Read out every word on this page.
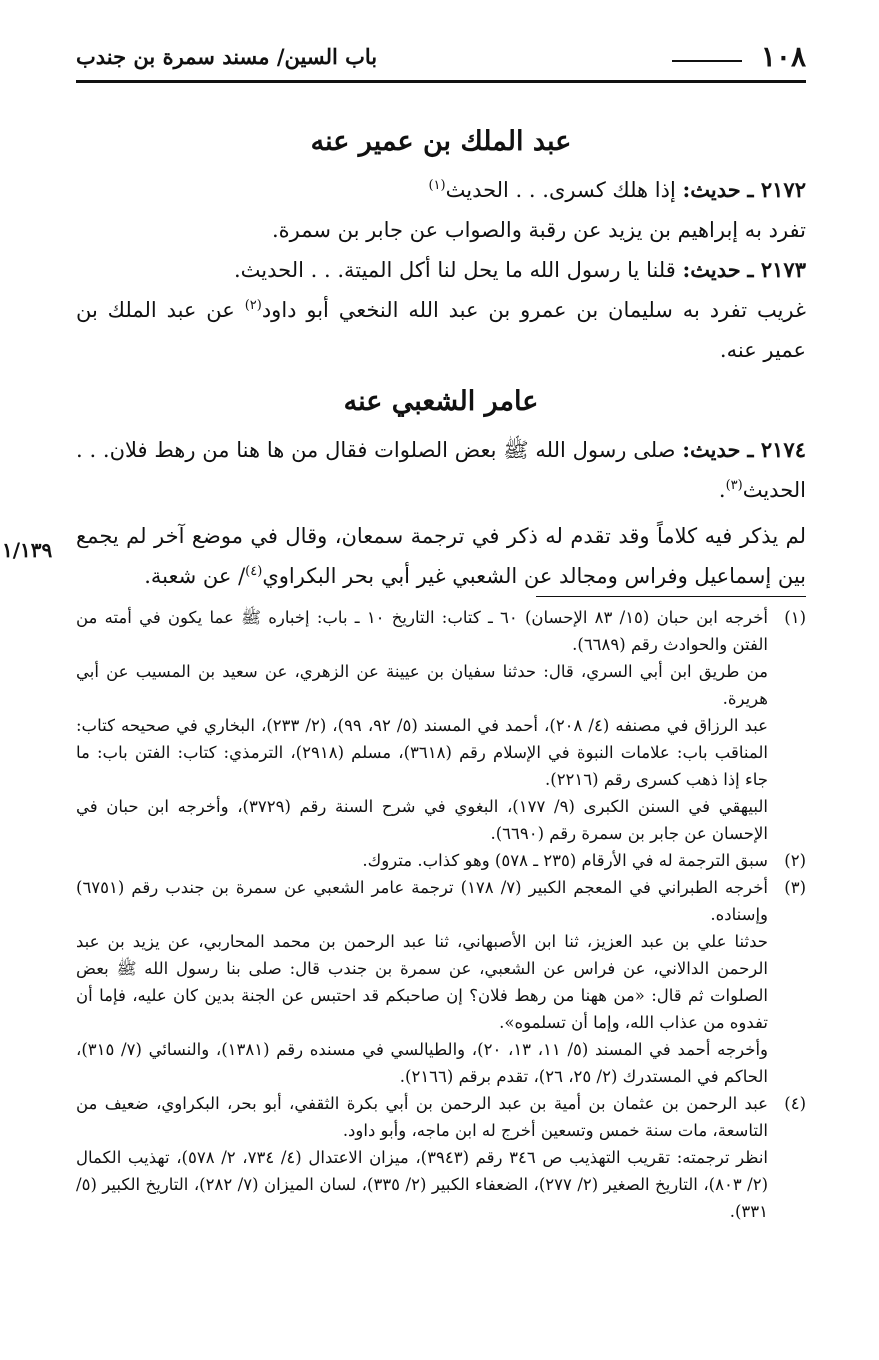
١٠٨
باب السين/ مسند سمرة بن جندب
عبد الملك بن عمير عنه

٢١٧٢ ـ حديث: إذا هلك كسرى. . . الحديث$^{(١)}$

تفرد به إبراهيم بن يزيد عن رقبة والصواب عن جابر بن سمرة.

٢١٧٣ ـ حديث: قلنا يا رسول الله ما يحل لنا أكل الميتة. . . الحديث.

غريب تفرد به سليمان بن عمرو بن عبد الله النخعي أبو داود$^{(٢)}$ عن عبد الملك بن عمير عنه.

عامر الشعبي عنه

٢١٧٤ ـ حديث: صلى رسول الله ﷺ بعض الصلوات فقال من ها هنا من رهط فلان. . . الحديث$^{(٣)}$.

لم يذكر فيه كلاماً وقد تقدم له ذكر في ترجمة سمعان، وقال في موضع آخر لم يجمع بين إسماعيل وفراس ومجالد عن الشعبي غير أبي بحر البكراوي$^{(٤)}$/ عن شعبة.

١/١٣٩
(١)

أخرجه ابن حبان (١٥/ ٨٣ الإحسان) ٦٠ ـ كتاب: التاريخ ١٠ ـ باب: إخباره ﷺ عما يكون في أمته من الفتن والحوادث رقم (٦٦٨٩).

من طريق ابن أبي السري، قال: حدثنا سفيان بن عيينة عن الزهري، عن سعيد بن المسيب عن أبي هريرة.

عبد الرزاق في مصنفه (٤/ ٢٠٨)، أحمد في المسند (٥/ ٩٢، ٩٩)، (٢/ ٢٣٣)، البخاري في صحيحه كتاب: المناقب باب: علامات النبوة في الإسلام رقم (٣٦١٨)، مسلم (٢٩١٨)، الترمذي: كتاب: الفتن باب: ما جاء إذا ذهب كسرى رقم (٢٢١٦).

البيهقي في السنن الكبرى (٩/ ١٧٧)، البغوي في شرح السنة رقم (٣٧٢٩)، وأخرجه ابن حبان في الإحسان عن جابر بن سمرة رقم (٦٦٩٠).

(٢)

سبق الترجمة له في الأرقام (٢٣٥ ـ ٥٧٨) وهو كذاب. متروك.

(٣)

أخرجه الطبراني في المعجم الكبير (٧/ ١٧٨) ترجمة عامر الشعبي عن سمرة بن جندب رقم (٦٧٥١) وإسناده.

حدثنا علي بن عبد العزيز، ثنا ابن الأصبهاني، ثنا عبد الرحمن بن محمد المحاربي، عن يزيد بن عبد الرحمن الدالاني، عن فراس عن الشعبي، عن سمرة بن جندب قال: صلى بنا رسول الله ﷺ بعض الصلوات ثم قال: «من ههنا من رهط فلان؟ إن صاحبكم قد احتبس عن الجنة بدين كان عليه، فإما أن تفدوه من عذاب الله، وإما أن تسلموه».

وأخرجه أحمد في المسند (٥/ ١١، ١٣، ٢٠)، والطيالسي في مسنده رقم (١٣٨١)، والنسائي (٧/ ٣١٥)، الحاكم في المستدرك (٢/ ٢٥، ٢٦)، تقدم برقم (٢١٦٦).

(٤)

عبد الرحمن بن عثمان بن أمية بن عبد الرحمن بن أبي بكرة الثقفي، أبو بحر، البكراوي، ضعيف من التاسعة، مات سنة خمس وتسعين أخرج له ابن ماجه، وأبو داود.

انظر ترجمته: تقريب التهذيب ص ٣٤٦ رقم (٣٩٤٣)، ميزان الاعتدال (٤/ ٧٣٤، ٢/ ٥٧٨)، تهذيب الكمال (٢/ ٨٠٣)، التاريخ الصغير (٢/ ٢٧٧)، الضعفاء الكبير (٢/ ٣٣٥)، لسان الميزان (٧/ ٢٨٢)، التاريخ الكبير (٥/ ٣٣١).
